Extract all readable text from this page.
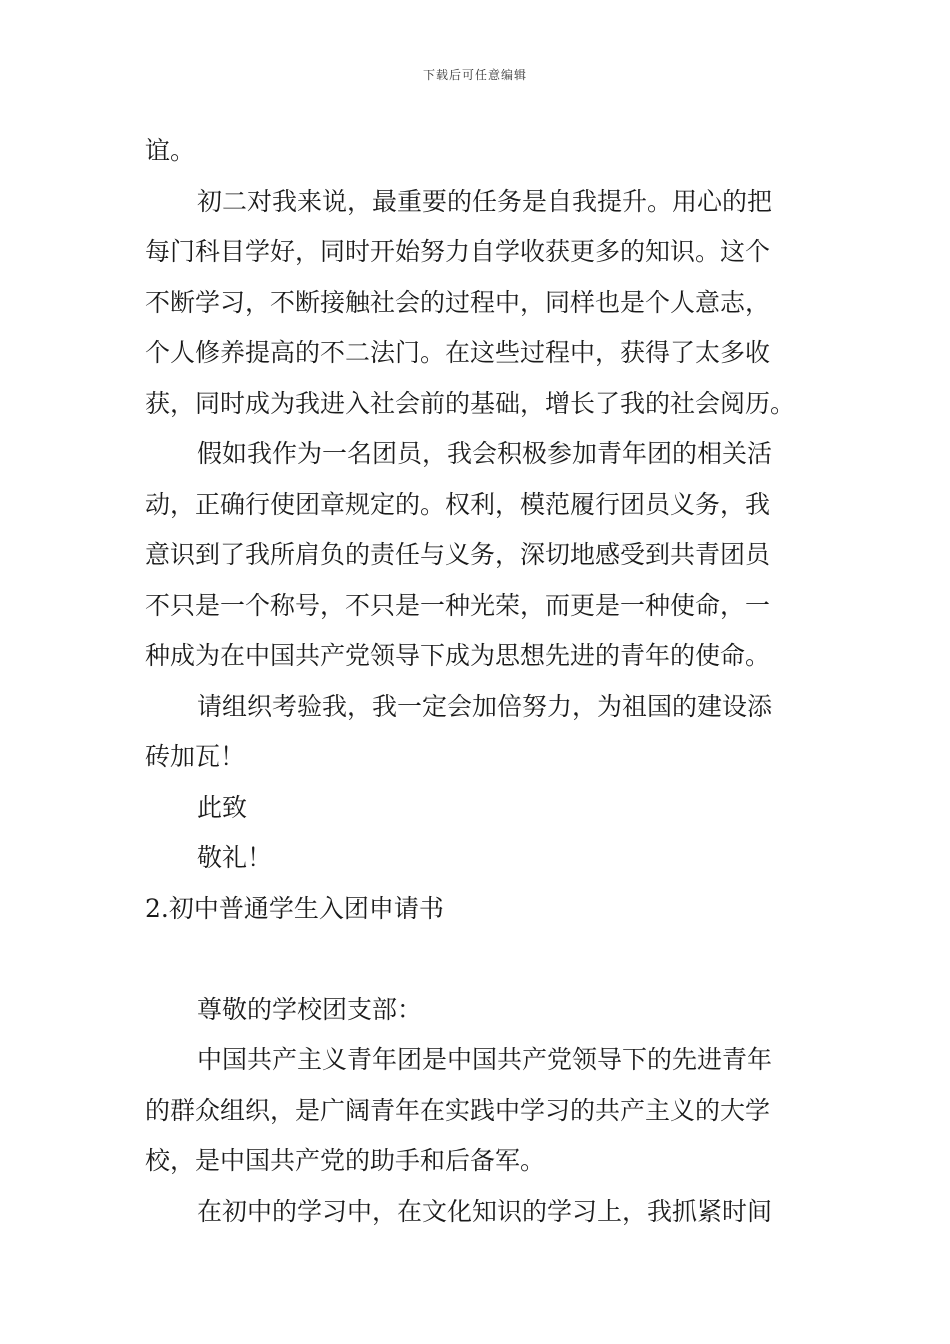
下载后可任意编辑
谊。
初二对我来说，最重要的任务是自我提升。用心的把
每门科目学好，同时开始努力自学收获更多的知识。这个
不断学习，不断接触社会的过程中，同样也是个人意志，
个人修养提高的不二法门。在这些过程中，获得了太多收
获，同时成为我进入社会前的基础，增长了我的社会阅历。
假如我作为一名团员，我会积极参加青年团的相关活
动，正确行使团章规定的。权利，模范履行团员义务，我
意识到了我所肩负的责任与义务，深切地感受到共青团员
不只是一个称号，不只是一种光荣，而更是一种使命，一
种成为在中国共产党领导下成为思想先进的青年的使命。
请组织考验我，我一定会加倍努力，为祖国的建设添
砖加瓦！
此致
敬礼！
2.初中普通学生入团申请书
尊敬的学校团支部：
中国共产主义青年团是中国共产党领导下的先进青年
的群众组织，是广阔青年在实践中学习的共产主义的大学
校，是中国共产党的助手和后备军。
在初中的学习中，在文化知识的学习上，我抓紧时间
